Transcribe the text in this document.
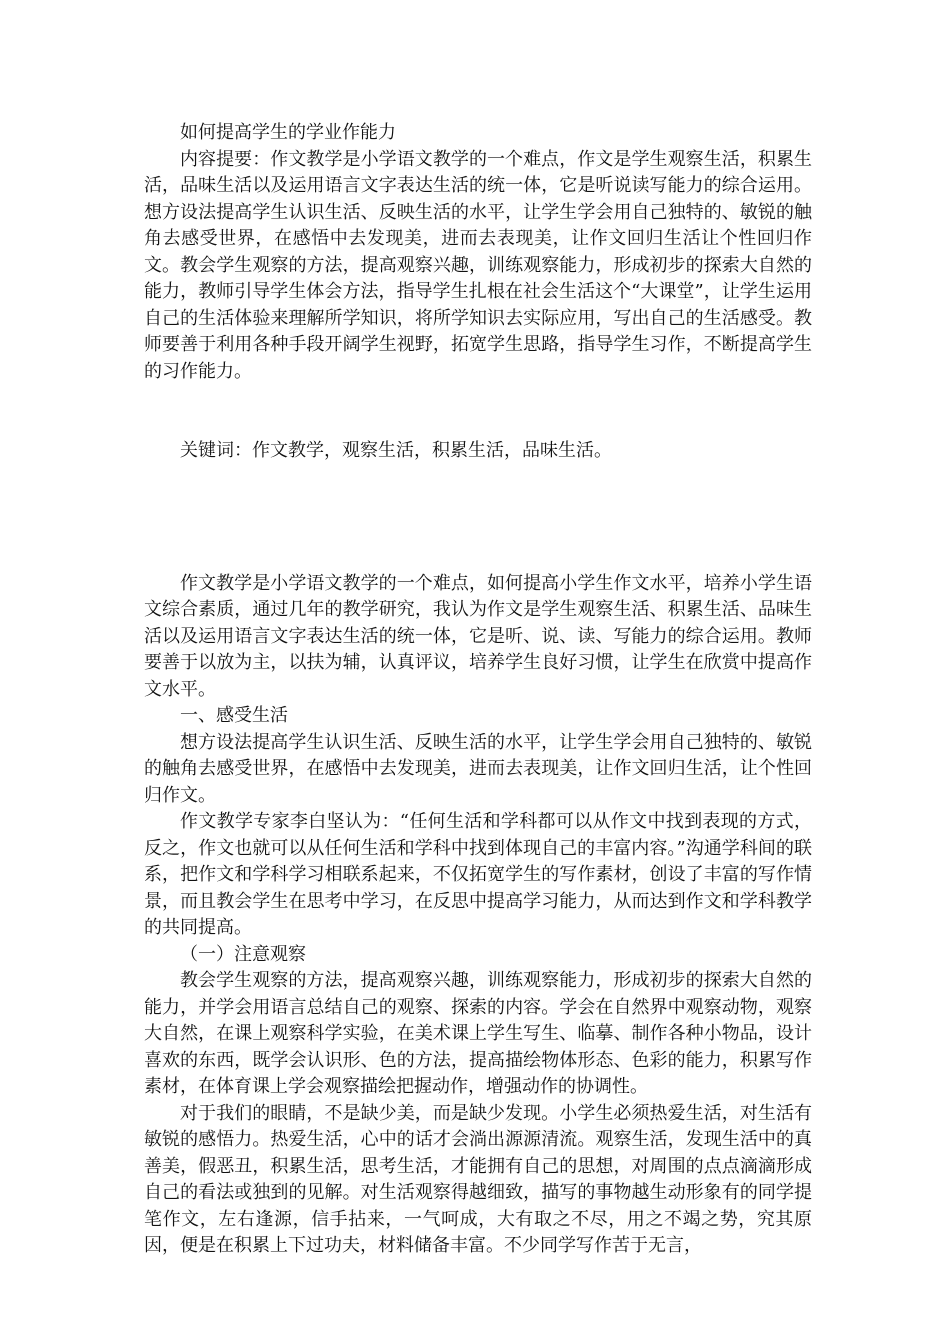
如何提高学生的学业作能力

内容提要：作文教学是小学语文教学的一个难点，作文是学生观察生活，积累生活，品味生活以及运用语言文字表达生活的统一体，它是听说读写能力的综合运用。想方设法提高学生认识生活、反映生活的水平，让学生学会用自己独特的、敏锐的触角去感受世界，在感悟中去发现美，进而去表现美，让作文回归生活让个性回归作文。教会学生观察的方法，提高观察兴趣，训练观察能力，形成初步的探索大自然的能力，教师引导学生体会方法，指导学生扎根在社会生活这个“大课堂”，让学生运用自己的生活体验来理解所学知识，将所学知识去实际应用，写出自己的生活感受。教师要善于利用各种手段开阔学生视野，拓宽学生思路，指导学生习作，不断提高学生的习作能力。

关键词：作文教学，观察生活，积累生活，品味生活。

作文教学是小学语文教学的一个难点，如何提高小学生作文水平，培养小学生语文综合素质，通过几年的教学研究，我认为作文是学生观察生活、积累生活、品味生活以及运用语言文字表达生活的统一体，它是听、说、读、写能力的综合运用。教师要善于以放为主，以扶为辅，认真评议，培养学生良好习惯，让学生在欣赏中提高作文水平。

一、感受生活

想方设法提高学生认识生活、反映生活的水平，让学生学会用自己独特的、敏锐的触角去感受世界，在感悟中去发现美，进而去表现美，让作文回归生活，让个性回归作文。

作文教学专家李白坚认为：“任何生活和学科都可以从作文中找到表现的方式，反之，作文也就可以从任何生活和学科中找到体现自己的丰富内容。”沟通学科间的联系，把作文和学科学习相联系起来，不仅拓宽学生的写作素材，创设了丰富的写作情景，而且教会学生在思考中学习，在反思中提高学习能力，从而达到作文和学科教学的共同提高。

（一）注意观察

教会学生观察的方法，提高观察兴趣，训练观察能力，形成初步的探索大自然的能力，并学会用语言总结自己的观察、探索的内容。学会在自然界中观察动物，观察大自然，在课上观察科学实验，在美术课上学生写生、临摹、制作各种小物品，设计喜欢的东西，既学会认识形、色的方法，提高描绘物体形态、色彩的能力，积累写作素材，在体育课上学会观察描绘把握动作，增强动作的协调性。

对于我们的眼睛，不是缺少美，而是缺少发现。小学生必须热爱生活，对生活有敏锐的感悟力。热爱生活，心中的话才会淌出源源清流。观察生活，发现生活中的真善美，假恶丑，积累生活，思考生活，才能拥有自己的思想，对周围的点点滴滴形成自己的看法或独到的见解。对生活观察得越细致，描写的事物越生动形象有的同学提笔作文，左右逢源，信手拈来，一气呵成，大有取之不尽，用之不竭之势，究其原因，便是在积累上下过功夫，材料储备丰富。不少同学写作苦于无言，
